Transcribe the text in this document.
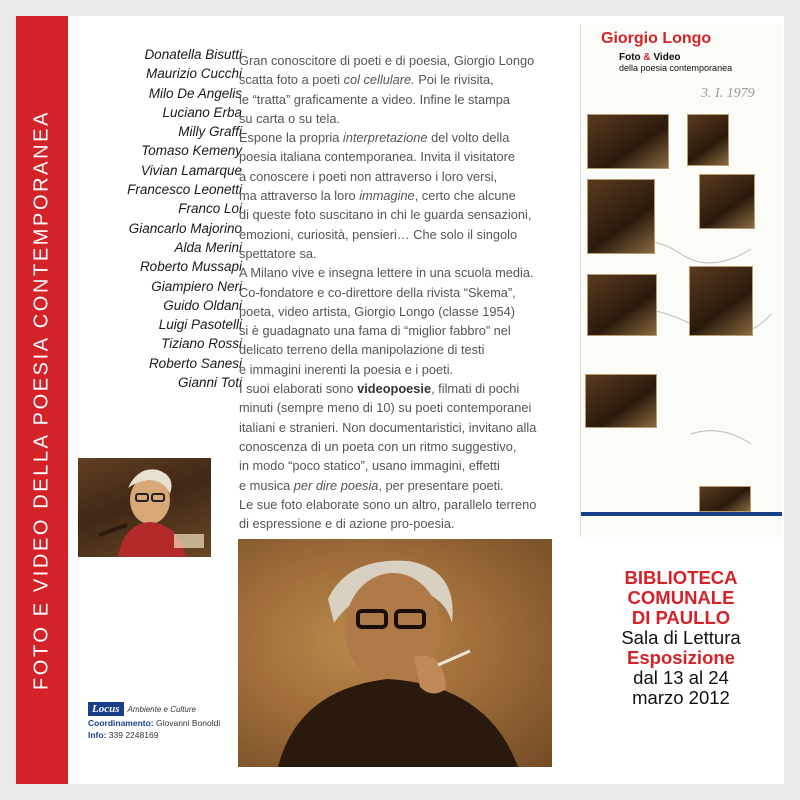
FOTO E VIDEO DELLA POESIA CONTEMPORANEA
Donatella Bisutti
Maurizio Cucchi
Milo De Angelis
Luciano Erba
Milly Graffi
Tomaso Kemeny
Vivian Lamarque
Francesco Leonetti
Franco Loi
Giancarlo Majorino
Alda Merini
Roberto Mussapi
Giampiero Neri
Guido Oldani
Luigi Pasotelli
Tiziano Rossi
Roberto Sanesi
Gianni Toti

Gran conoscitore di poeti e di poesia, Giorgio Longo

scatta foto a poeti col cellulare. Poi le rivisita,

le “tratta” graficamente a video. Infine le stampa

su carta o su tela.

Espone la propria interpretazione del volto della

poesia italiana contemporanea. Invita il visitatore

a conoscere i poeti non attraverso i loro versi,

ma attraverso la loro immagine, certo che alcune

di queste foto suscitano in chi le guarda sensazioni,

emozioni, curiosità, pensieri… Che solo il singolo

spettatore sa.

A Milano vive e insegna lettere in una scuola media.

Co-fondatore e co-direttore della rivista “Skema”,

poeta, video artista, Giorgio Longo (classe 1954)

si è guadagnato una fama di “miglior fabbro” nel

delicato terreno della manipolazione di testi

e immagini inerenti la poesia e i poeti.

I suoi elaborati sono videopoesie, filmati di pochi

minuti (sempre meno di 10) su poeti contemporanei

italiani e stranieri. Non documentaristici, invitano alla

conoscenza di un poeta con un ritmo suggestivo,

in modo “poco statico”, usano immagini, effetti

e musica per dire poesia, per presentare poeti.

Le sue foto elaborate sono un altro, parallelo terreno

di espressione e di azione pro-poesia.

Locus	Ambiente e Culture
Coordinamento: Giovanni Bonoldi
Info: 339 2248169
Giorgio Longo
Foto & Video
della poesia contemporanea
3. I. 1979
BIBLIOTECA
COMUNALE
DI PAULLO
Sala di Lettura
Esposizione
dal 13 al 24
marzo 2012
